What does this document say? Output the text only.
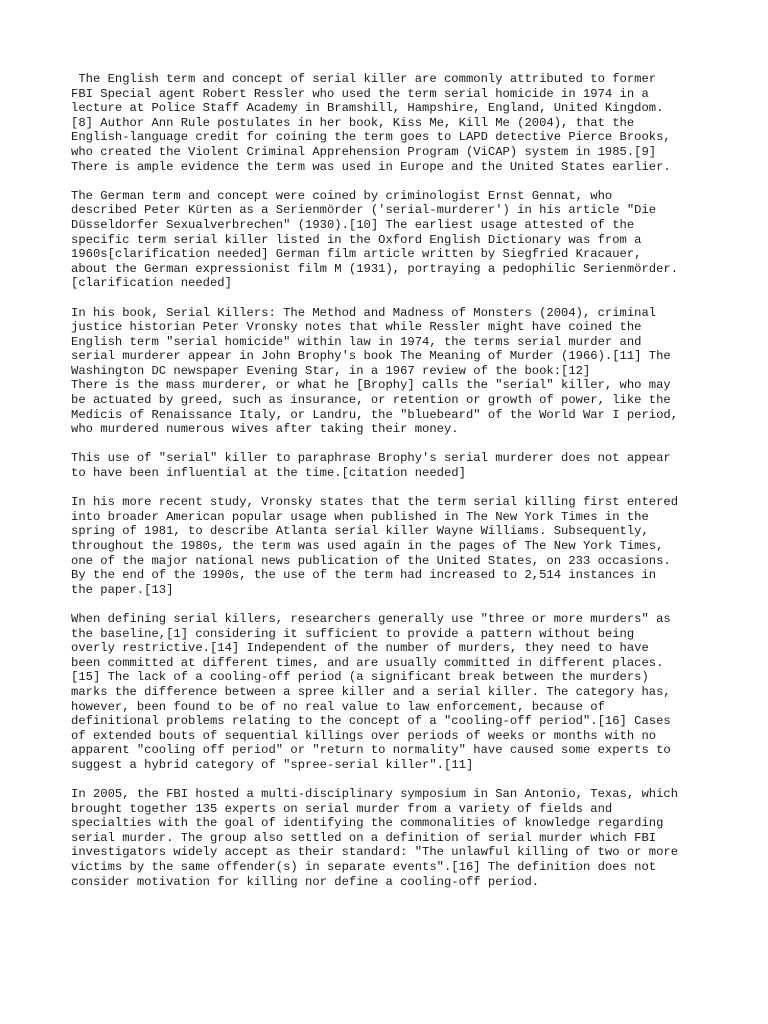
The English term and concept of serial killer are commonly attributed to former
FBI Special agent Robert Ressler who used the term serial homicide in 1974 in a
lecture at Police Staff Academy in Bramshill, Hampshire, England, United Kingdom.
[8] Author Ann Rule postulates in her book, Kiss Me, Kill Me (2004), that the
English-language credit for coining the term goes to LAPD detective Pierce Brooks,
who created the Violent Criminal Apprehension Program (ViCAP) system in 1985.[9]
There is ample evidence the term was used in Europe and the United States earlier.

The German term and concept were coined by criminologist Ernst Gennat, who
described Peter Kürten as a Serienmörder ('serial-murderer') in his article "Die
Düsseldorfer Sexualverbrechen" (1930).[10] The earliest usage attested of the
specific term serial killer listed in the Oxford English Dictionary was from a
1960s[clarification needed] German film article written by Siegfried Kracauer,
about the German expressionist film M (1931), portraying a pedophilic Serienmörder.
[clarification needed]

In his book, Serial Killers: The Method and Madness of Monsters (2004), criminal
justice historian Peter Vronsky notes that while Ressler might have coined the
English term "serial homicide" within law in 1974, the terms serial murder and
serial murderer appear in John Brophy's book The Meaning of Murder (1966).[11] The
Washington DC newspaper Evening Star, in a 1967 review of the book:[12]
There is the mass murderer, or what he [Brophy] calls the "serial" killer, who may
be actuated by greed, such as insurance, or retention or growth of power, like the
Medicis of Renaissance Italy, or Landru, the "bluebeard" of the World War I period,
who murdered numerous wives after taking their money.

This use of "serial" killer to paraphrase Brophy's serial murderer does not appear
to have been influential at the time.[citation needed]

In his more recent study, Vronsky states that the term serial killing first entered
into broader American popular usage when published in The New York Times in the
spring of 1981, to describe Atlanta serial killer Wayne Williams. Subsequently,
throughout the 1980s, the term was used again in the pages of The New York Times,
one of the major national news publication of the United States, on 233 occasions.
By the end of the 1990s, the use of the term had increased to 2,514 instances in
the paper.[13]

When defining serial killers, researchers generally use "three or more murders" as
the baseline,[1] considering it sufficient to provide a pattern without being
overly restrictive.[14] Independent of the number of murders, they need to have
been committed at different times, and are usually committed in different places.
[15] The lack of a cooling-off period (a significant break between the murders)
marks the difference between a spree killer and a serial killer. The category has,
however, been found to be of no real value to law enforcement, because of
definitional problems relating to the concept of a "cooling-off period".[16] Cases
of extended bouts of sequential killings over periods of weeks or months with no
apparent "cooling off period" or "return to normality" have caused some experts to
suggest a hybrid category of "spree-serial killer".[11]

In 2005, the FBI hosted a multi-disciplinary symposium in San Antonio, Texas, which
brought together 135 experts on serial murder from a variety of fields and
specialties with the goal of identifying the commonalities of knowledge regarding
serial murder. The group also settled on a definition of serial murder which FBI
investigators widely accept as their standard: "The unlawful killing of two or more
victims by the same offender(s) in separate events".[16] The definition does not
consider motivation for killing nor define a cooling-off period.
